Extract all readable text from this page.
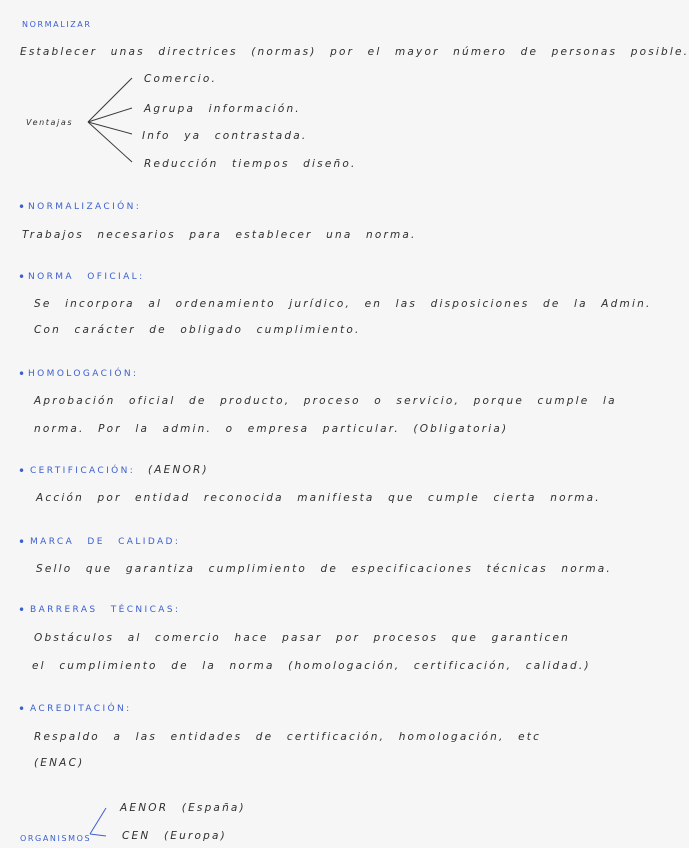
NORMALIZAR
Establecer unas directrices (normas) por el mayor número de personas posible.
Ventajas
Comercio.
Agrupa información.
Info ya contrastada.
Reducción tiempos diseño.
• NORMALIZACIÓN:
Trabajos necesarios para establecer una norma.
• NORMA OFICIAL:
Se incorpora al ordenamiento jurídico, en las disposiciones de la Admin.
Con carácter de obligado cumplimiento.
• HOMOLOGACIÓN:
Aprobación oficial de producto, proceso o servicio, porque cumple la
norma. Por la admin. o empresa particular. (Obligatoria)
• CERTIFICACIÓN: (AENOR)
Acción por entidad reconocida manifiesta que cumple cierta norma.
• MARCA DE CALIDAD:
Sello que garantiza cumplimiento de especificaciones técnicas norma.
• BARRERAS TÉCNICAS:
Obstáculos al comercio hace pasar por procesos que garanticen
el cumplimiento de la norma (homologación, certificación, calidad.)
• ACREDITACIÓN:
Respaldo a las entidades de certificación, homologación, etc
(ENAC)
ORGANISMOS
AENOR (España)
CEN (Europa)
